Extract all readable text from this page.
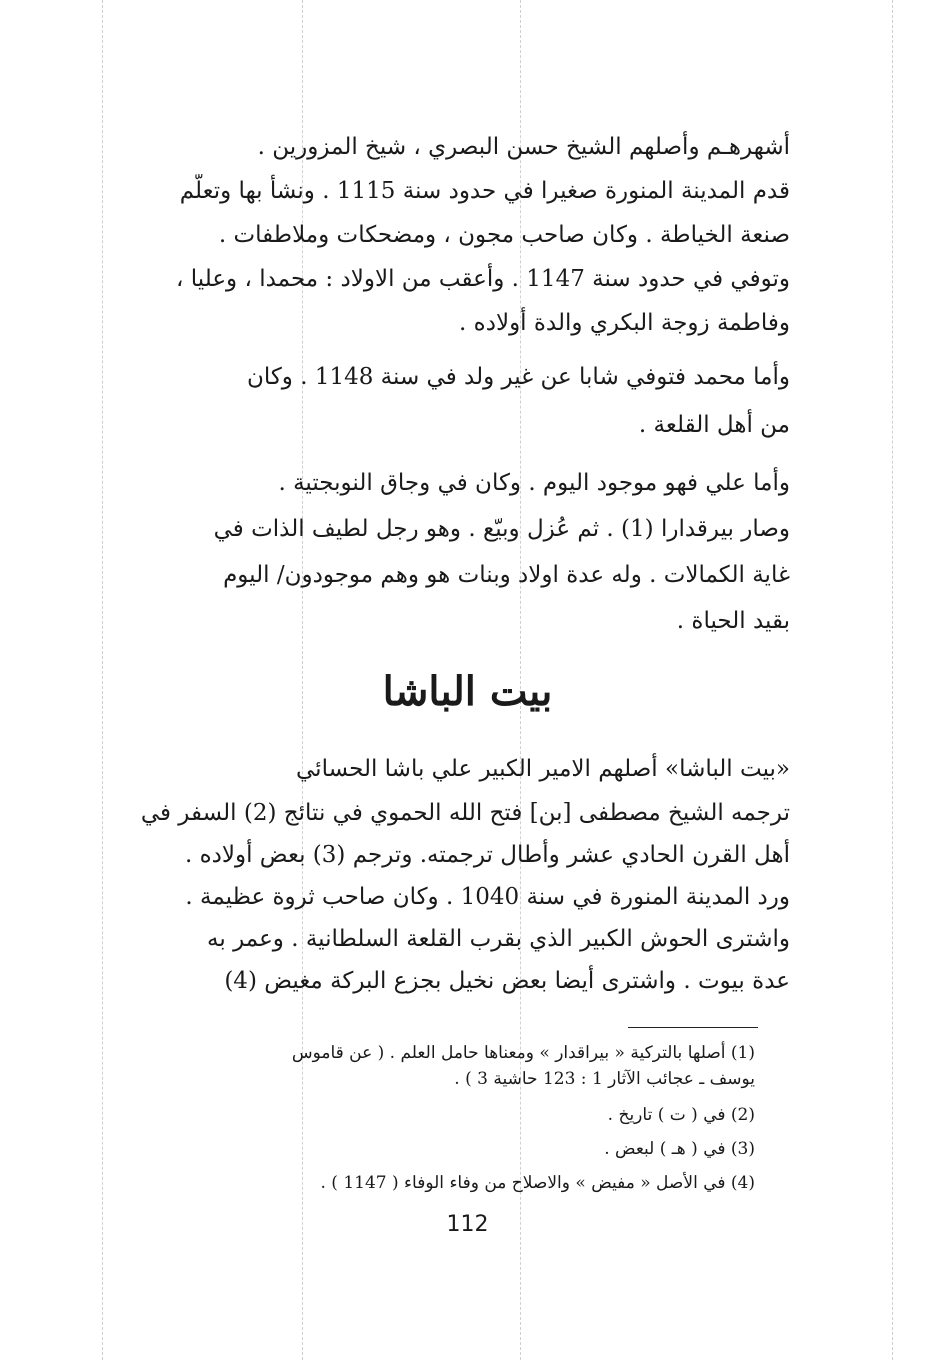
أشهرهـم وأصلهم الشيخ حسن البصري ، شيخ المزورين .
قدم المدينة المنورة صغيرا في حدود سنة 1115 . ونشأ بها وتعلّم
صنعة الخياطة . وكان صاحب مجون ، ومضحكات وملاطفات .
وتوفي في حدود سنة 1147 . وأعقب من الاولاد : محمدا ، وعليا ،
وفاطمة زوجة البكري والدة أولاده .
وأما محمد فتوفي شابا عن غير ولد في سنة 1148 . وكان
من أهل القلعة .
وأما علي فهو موجود اليوم . وكان في وجاق النوبجتية .
وصار بيرقدارا (1) . ثم عُزل وبيّع . وهو رجل لطيف الذات في
غاية الكمالات . وله عدة اولاد وبنات هو وهم موجودون/ اليوم
بقيد الحياة .
بيت الباشا
«بيت الباشا» أصلهم الامير الكبير علي باشا الحسائي
ترجمه الشيخ مصطفى [بن] فتح الله الحموي في نتائج (2) السفر في
أهل القرن الحادي عشر وأطال ترجمته. وترجم (3) بعض أولاده .
ورد المدينة المنورة في سنة 1040 . وكان صاحب ثروة عظيمة .
واشترى الحوش الكبير الذي بقرب القلعة السلطانية . وعمر به
عدة بيوت . واشترى أيضا بعض نخيل بجزع البركة مغيض (4)
(1) أصلها بالتركية « بيراقدار » ومعناها حامل العلم . ( عن قاموس
يوسف ـ عجائب الآثار 1 : 123 حاشية 3 ) .
(2) في ( ت ) تاريخ .
(3) في ( هـ ) لبعض .
(4) في الأصل « مفيض » والاصلاح من وفاء الوفاء ( 1147 ) .
112
